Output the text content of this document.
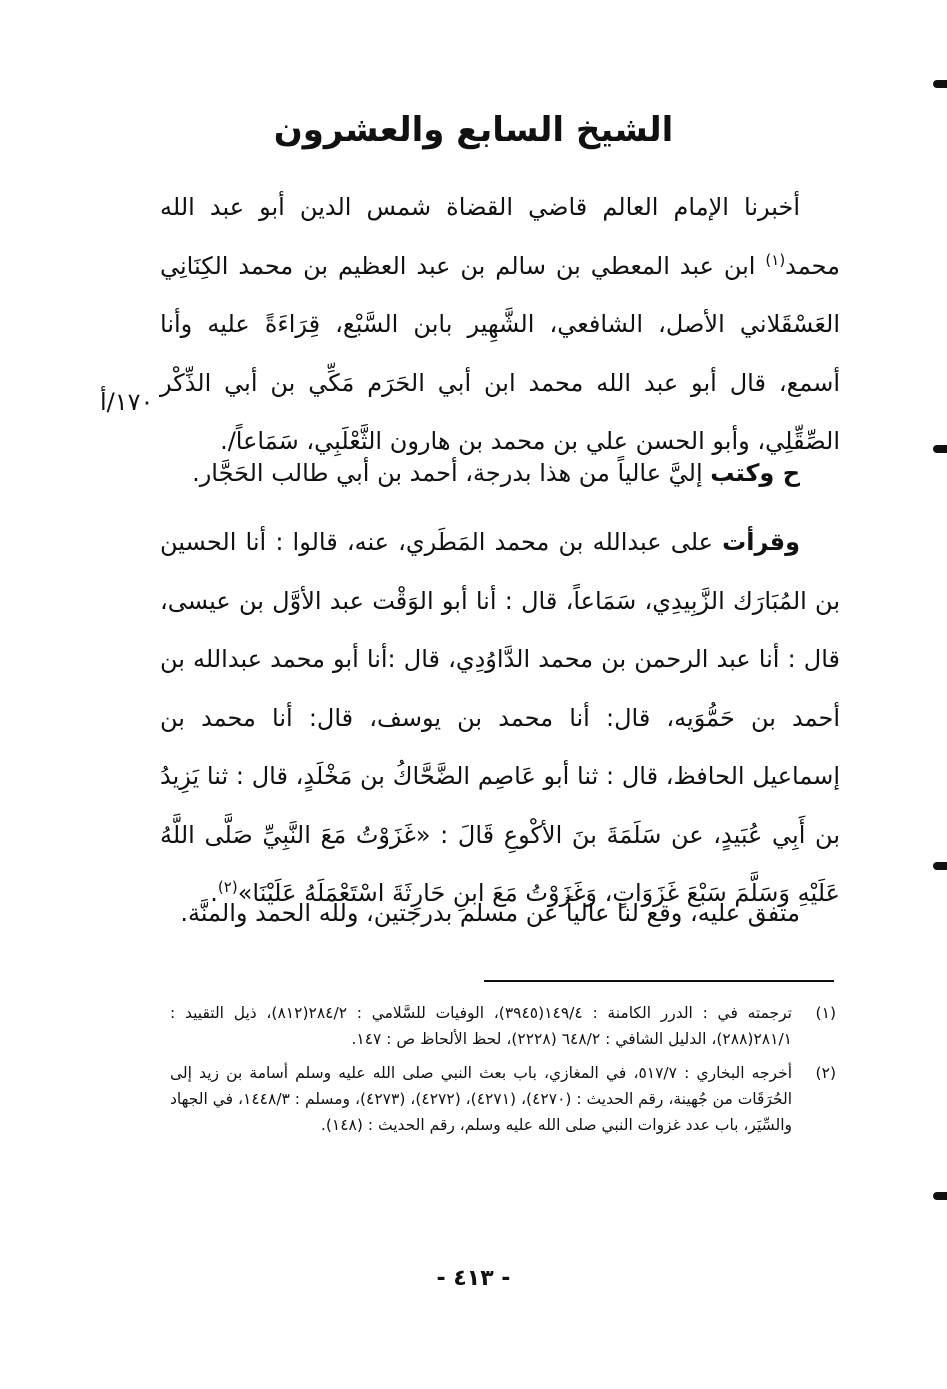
الشيخ السابع والعشرون
أخبرنا الإمام العالم قاضي القضاة شمس الدين أبو عبد الله محمد$^{(١)}$ ابن عبد المعطي بن سالم بن عبد العظيم بن محمد الكِنَانِي العَسْقَلاني الأصل، الشافعي، الشَّهِير بابن السَّبْع، قِرَاءَةً عليه وأنا أسمع، قال أبو عبد الله محمد ابن أبي الحَرَم مَكِّي بن أبي الذِّكْر الصِّقِّلِي، وأبو الحسن علي بن محمد بن هارون الثَّعْلَبِي، سَمَاعاً/.
١٧٠/أ
ح وكتب إليَّ عالياً من هذا بدرجة، أحمد بن أبي طالب الحَجَّار.
وقرأت على عبدالله بن محمد المَطَري، عنه، قالوا : أنا الحسين بن المُبَارَك الزَّبِيدِي، سَمَاعاً، قال : أنا أبو الوَقْت عبد الأوَّل بن عيسى، قال : أنا عبد الرحمن بن محمد الدَّاوُدِي، قال :أنا أبو محمد عبدالله بن أحمد بن حَمُّوَيه، قال: أنا محمد بن يوسف، قال: أنا محمد بن إسماعيل الحافظ، قال : ثنا أبو عَاصِم الضَّحَّاكُ بن مَخْلَدٍ، قال : ثنا يَزِيدُ بن أَبِي عُبَيدٍ، عن سَلَمَةَ بنَ الأكْوعِ قَالَ : «غَزَوْتُ مَعَ النَّبِيِّ صَلَّى اللَّهُ عَلَيْهِ وَسَلَّمَ سَبْعَ غَزَوَاتٍ، وَغَزَوْتُ مَعَ ابنِ حَارِثَةَ اسْتَعْمَلَهُ عَلَيْنَا»$^{(٢)}$.
متفق عليه، وقع لنا عالياً عن مسلم بدرجتين، ولله الحمد والمنَّة.
(١)
ترجمته في : الدرر الكامنة : ١٤٩/٤(٣٩٤٥)، الوفيات للسَّلامي : ٢٨٤/٢(٨١٢)، ذيل التقييد : ٢٨١/١(٢٨٨)، الدليل الشافي : ٦٤٨/٢ (٢٢٢٨)، لحظ الألحاظ ص : ١٤٧.
(٢)
أخرجه البخاري : ٥١٧/٧، في المغازي، باب بعث النبي صلى الله عليه وسلم أسامة بن زيد إلى الحُرَقَات من جُهينة، رقم الحديث : (٤٢٧٠)، (٤٢٧١)، (٤٢٧٢)، (٤٢٧٣)، ومسلم : ١٤٤٨/٣، في الجهاد والسِّيَر، باب عدد غزوات النبي صلى الله عليه وسلم، رقم الحديث : (١٤٨).
- ٤١٣ -
